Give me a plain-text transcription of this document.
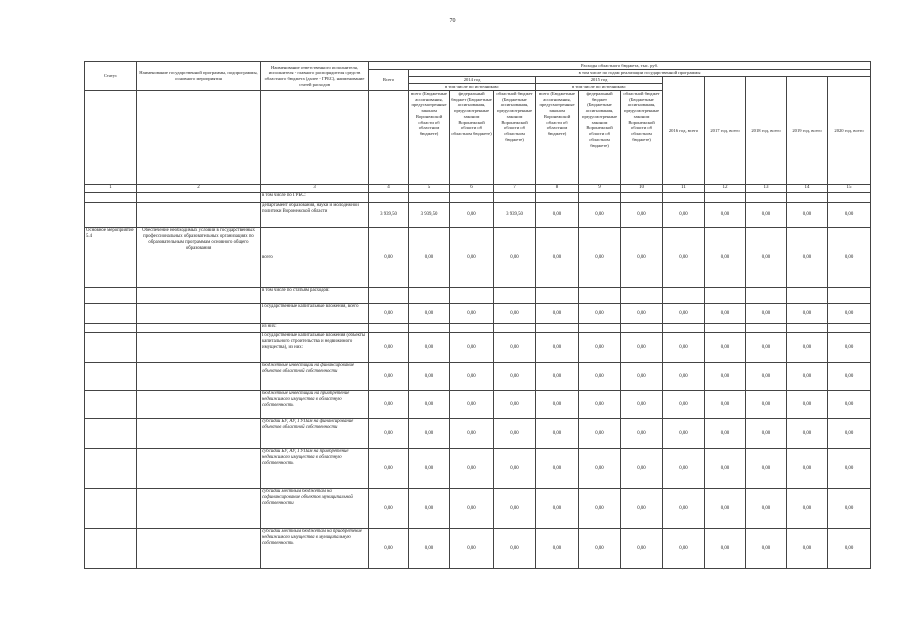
70
Статус	Наименование государственной программы, подпрограммы, основного мероприятия	Наименование ответственного исполнителя, исполнителя - главного распорядителя средств областного бюджета (далее - ГРБС), наименование статей расходов	Расходы областного бюджета, тыс. руб.											
			Всего	в том числе по годам реализации государственной программы										
				2014 год			2015 год			2016 год, всего	2017 год, всего	2018 год, всего	2019 год, всего	2020 год, всего
				в том числе по источникам:			в том числе по источникам:							
				всего (Бюджетные ассигнования, предусмотренные законом Воронежской области об областном бюджете)	федеральный бюджет (Бюджетные ассигнования, предусмотренные законом Воронежской области об областном бюджете)	областной бюджет (Бюджетные ассигнования, предусмотренные законом Воронежской области об областном бюджете)	всего (Бюджетные ассигнования, предусмотренные законом Воронежской области об областном бюджете)	федеральный бюджет (Бюджетные ассигнования, предусмотренные законом Воронежской области об областном бюджете)	областной бюджет (Бюджетные ассигнования, предусмотренные законом Воронежской области об областном бюджете)					
1	2	3	4	5	6	7	8	9	10	11	12	13	14	15
		в том числе по ГРБС:												
		департамент образования, науки и молодежной политики Воронежской области	3 939,50	3 939,50	0,00	3 939,50	0,00	0,00	0,00	0,00	0,00	0,00	0,00	0,00
Основное мероприятие 5.4	Обеспечение необходимых условий в государственных профессиональных образовательных организациях по образовательным программам основного общего образования	всего	0,00	0,00	0,00	0,00	0,00	0,00	0,00	0,00	0,00	0,00	0,00	0,00
		в том числе по статьям расходов:												
		Государственные капитальные вложения, всего	0,00	0,00	0,00	0,00	0,00	0,00	0,00	0,00	0,00	0,00	0,00	0,00
		из них:												
		Государственные капитальные вложения (объекты капитального строительства и недвижимого имущества), из них:	0,00	0,00	0,00	0,00	0,00	0,00	0,00	0,00	0,00	0,00	0,00	0,00
		бюджетные инвестиции на финансирование объектов областной собственности	0,00	0,00	0,00	0,00	0,00	0,00	0,00	0,00	0,00	0,00	0,00	0,00
		бюджетные инвестиции на приобретение недвижимого имущества в областную собственность	0,00	0,00	0,00	0,00	0,00	0,00	0,00	0,00	0,00	0,00	0,00	0,00
		субсидии БУ, АУ, ГУПам на финансирование объектов областной собственности	0,00	0,00	0,00	0,00	0,00	0,00	0,00	0,00	0,00	0,00	0,00	0,00
		субсидии БУ, АУ, ГУПам на приобретение недвижимого имущества в областную собственность	0,00	0,00	0,00	0,00	0,00	0,00	0,00	0,00	0,00	0,00	0,00	0,00
		субсидии местным бюджетам на софинансирование объектов муниципальной собственности	0,00	0,00	0,00	0,00	0,00	0,00	0,00	0,00	0,00	0,00	0,00	0,00
		субсидии местным бюджетам на приобретение недвижимого имущества в муниципальную собственность	0,00	0,00	0,00	0,00	0,00	0,00	0,00	0,00	0,00	0,00	0,00	0,00
